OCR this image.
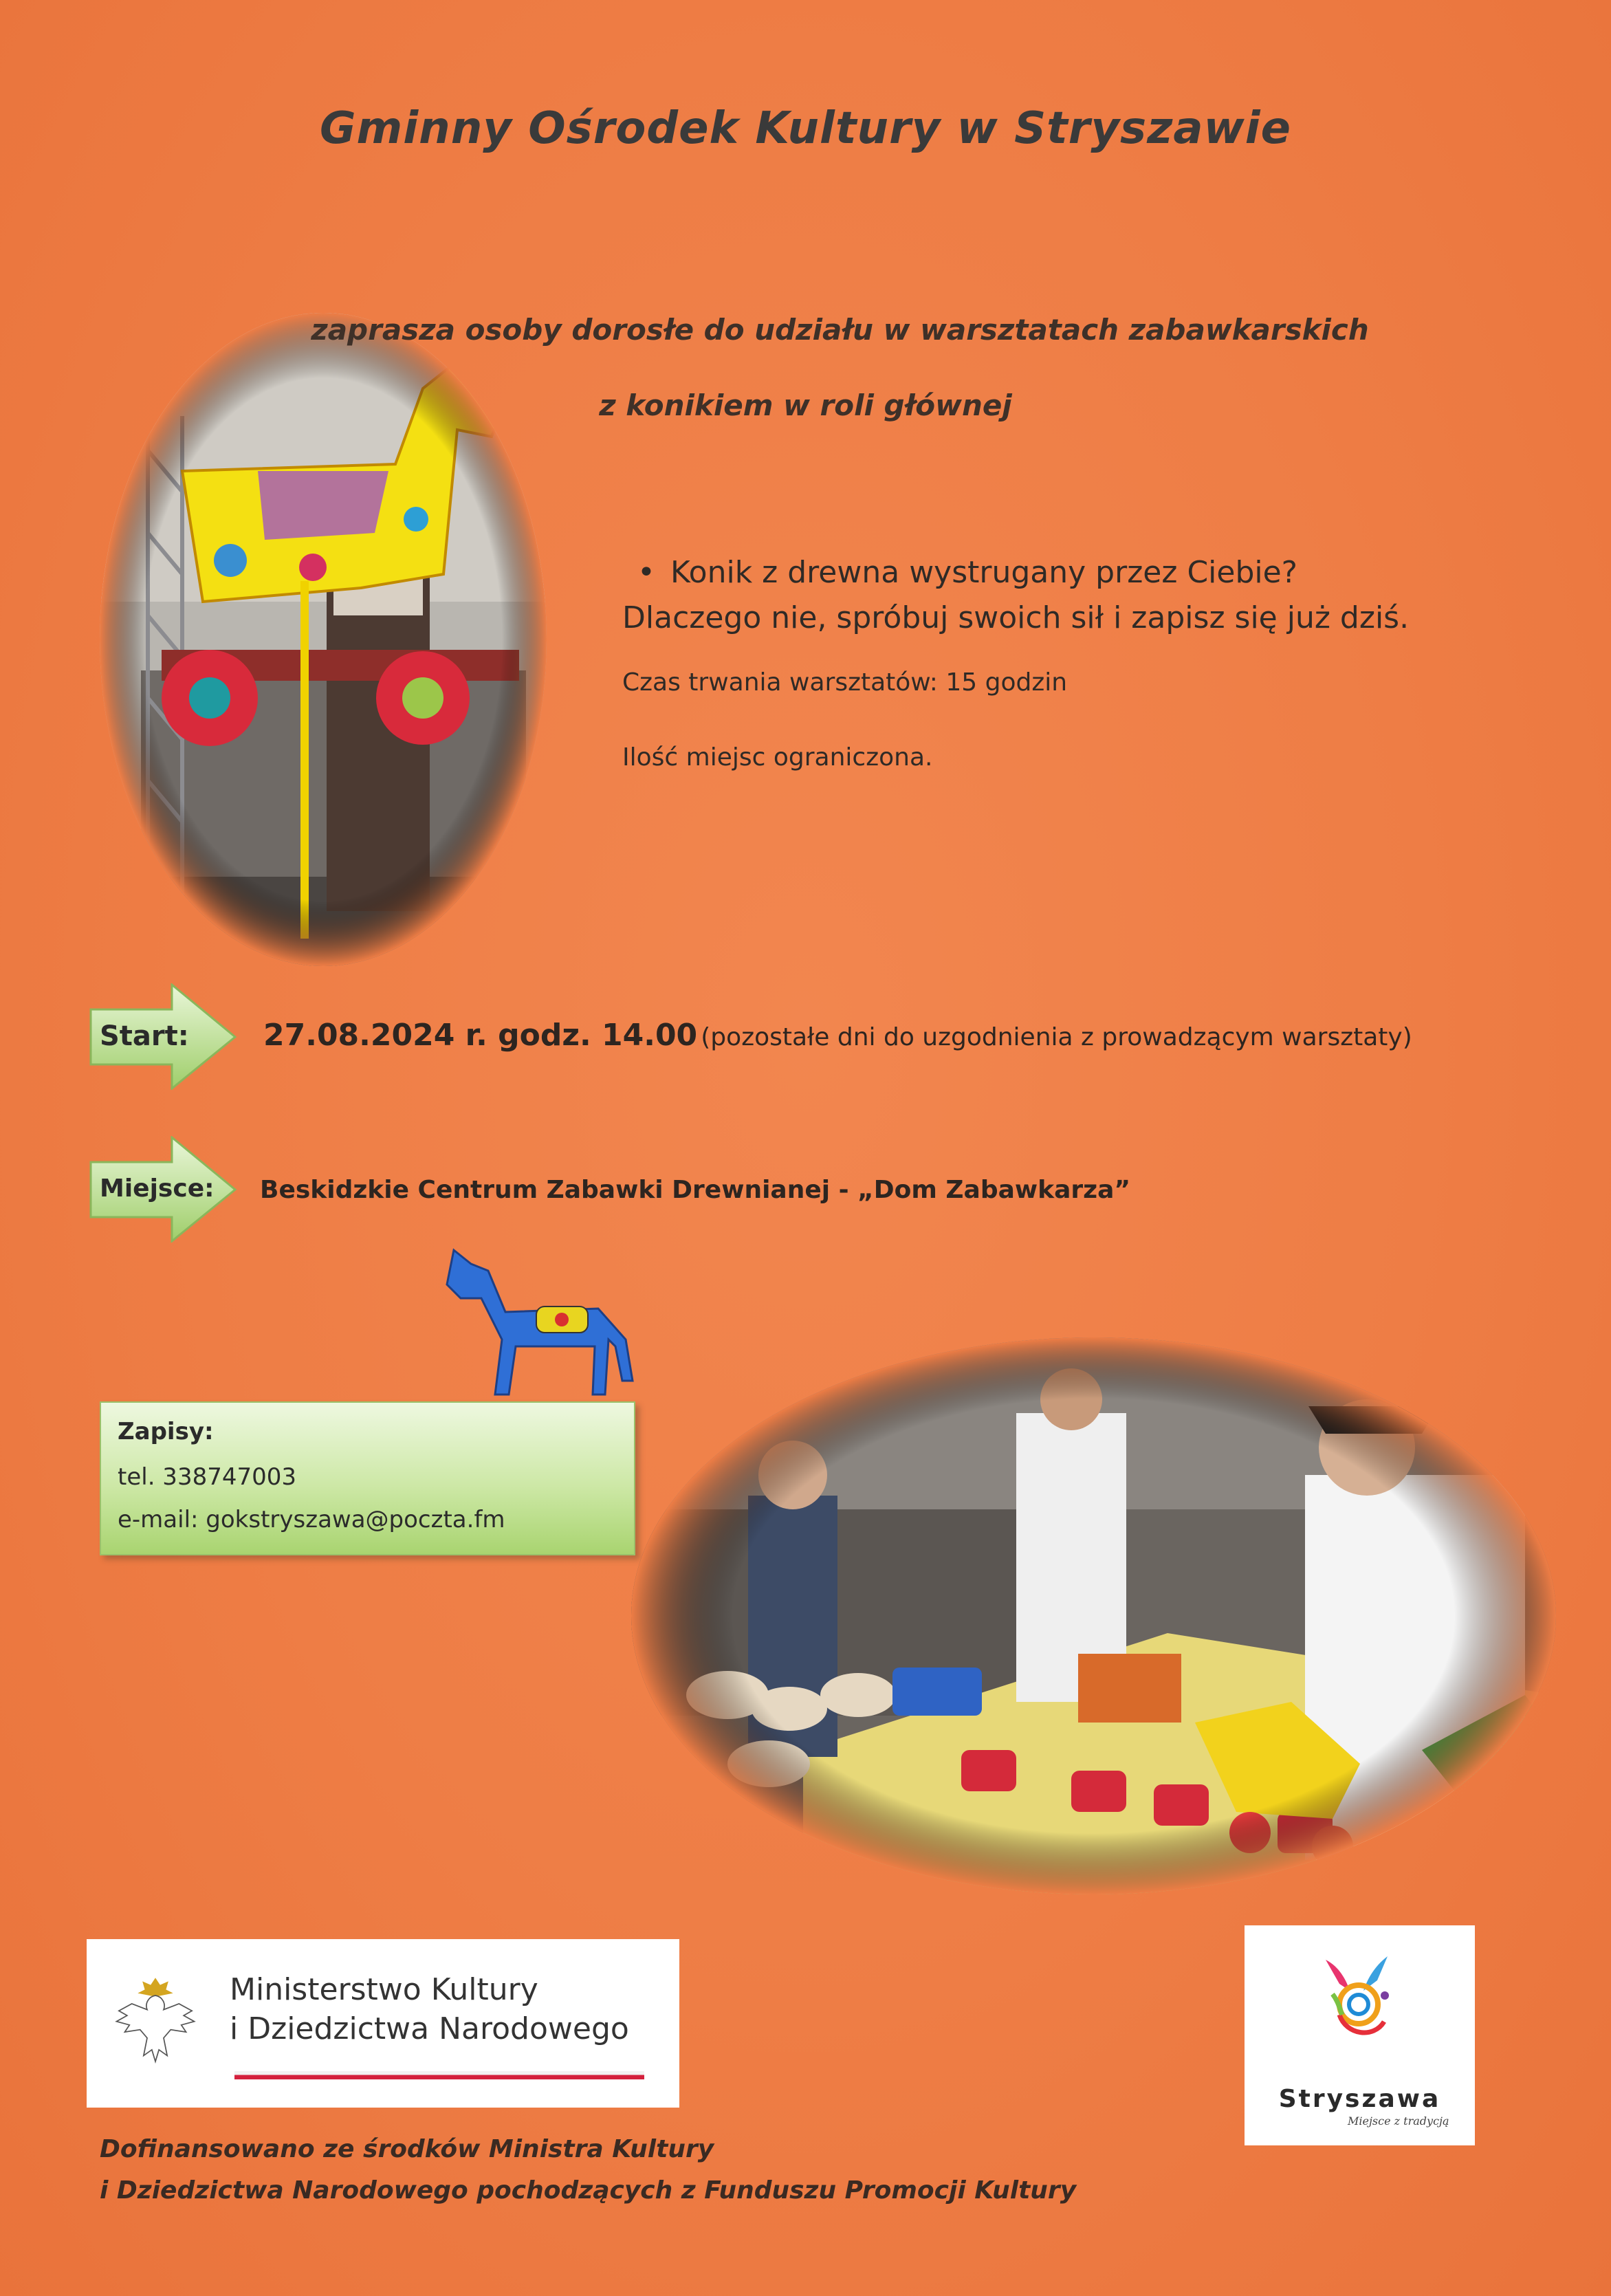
Gminny Ośrodek Kultury w Stryszawie
zaprasza osoby dorosłe do udziału w warsztatach zabawkarskich
z konikiem w roli głównej
• Konik z drewna wystrugany przez Ciebie?
Dlaczego nie, spróbuj swoich sił i zapisz się już dziś.
Czas trwania warsztatów: 15 godzin
Ilość miejsc ograniczona.
Start: 27.08.2024 r. godz. 14.00 (pozostałe dni do uzgodnienia z prowadzącym warsztaty)
Miejsce: Beskidzkie Centrum Zabawki Drewnianej - „Dom Zabawkarza”
Zapisy:
tel. 338747003
e-mail: gokstryszawa@poczta.fm
Ministerstwo Kultury
i Dziedzictwa Narodowego
Stryszawa
Miejsce z tradycją
Dofinansowano ze środków Ministra Kultury
i Dziedzictwa Narodowego pochodzących z Funduszu Promocji Kultury
